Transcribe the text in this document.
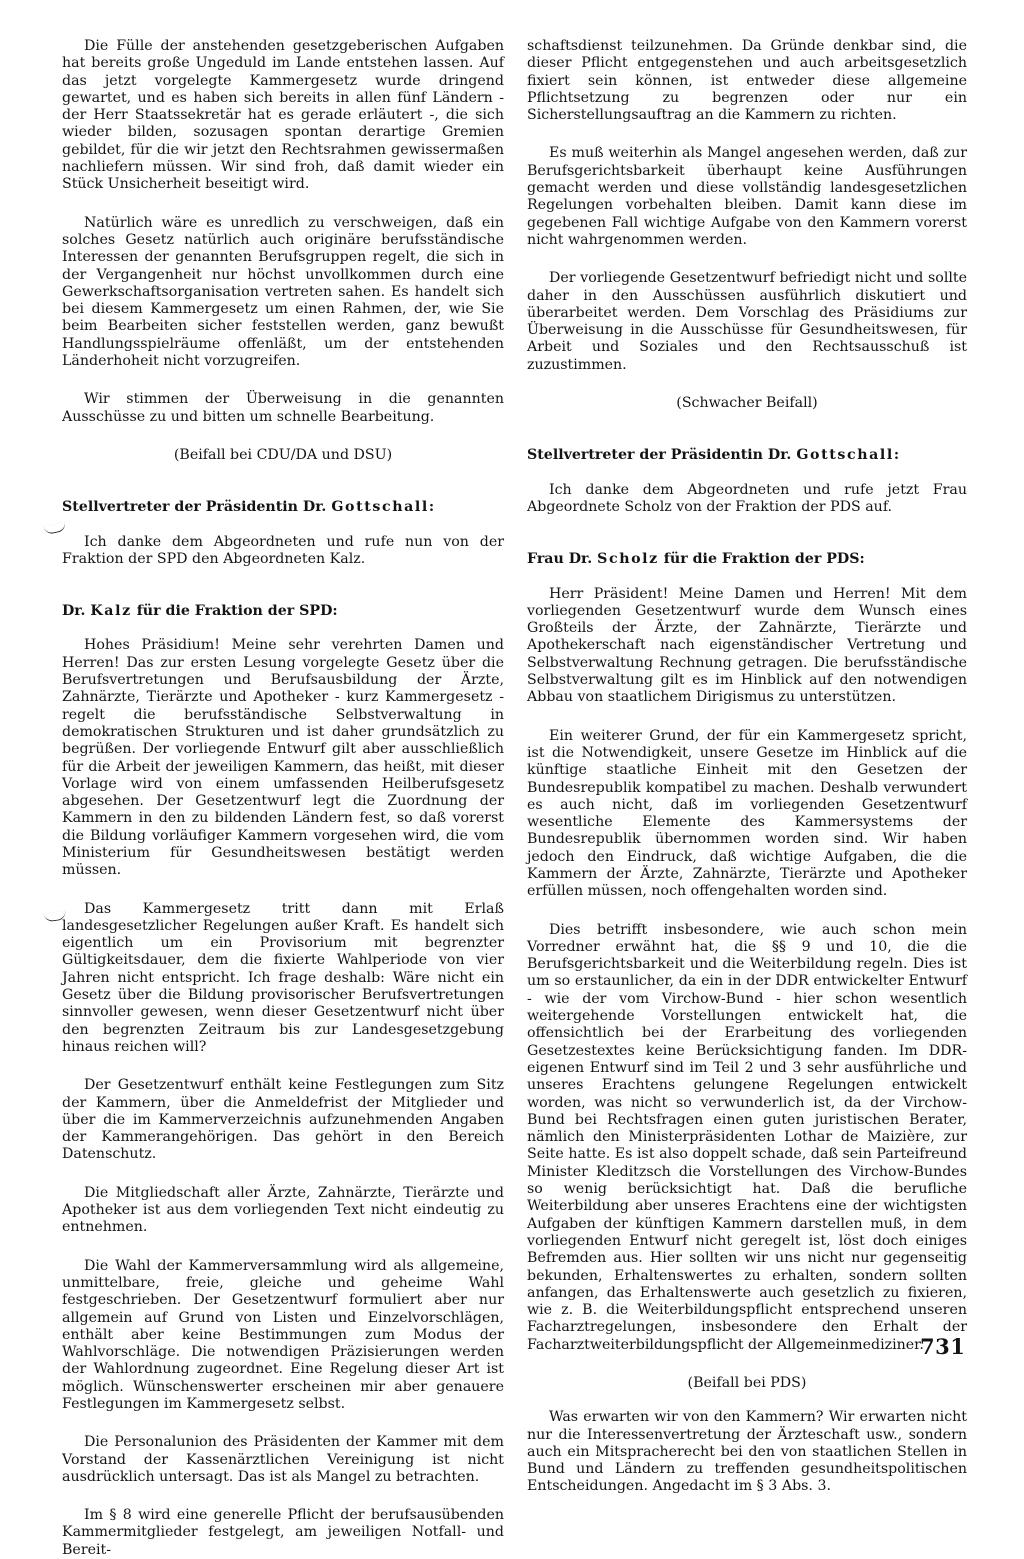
Die Fülle der anstehenden gesetzgeberischen Aufgaben hat bereits große Ungeduld im Lande entstehen lassen. Auf das jetzt vorgelegte Kammergesetz wurde dringend gewartet, und es haben sich bereits in allen fünf Ländern - der Herr Staatssekretär hat es gerade erläutert -, die sich wieder bilden, sozusagen spontan derartige Gremien gebildet, für die wir jetzt den Rechtsrahmen gewissermaßen nachliefern müssen. Wir sind froh, daß damit wieder ein Stück Unsicherheit beseitigt wird.

Natürlich wäre es unredlich zu verschweigen, daß ein solches Gesetz natürlich auch originäre berufsständische Interessen der genannten Berufsgruppen regelt, die sich in der Vergangenheit nur höchst unvollkommen durch eine Gewerkschaftsorganisation vertreten sahen. Es handelt sich bei diesem Kammergesetz um einen Rahmen, der, wie Sie beim Bearbeiten sicher feststellen werden, ganz bewußt Handlungsspielräume offenläßt, um der entstehenden Länderhoheit nicht vorzugreifen.

Wir stimmen der Überweisung in die genannten Ausschüsse zu und bitten um schnelle Bearbeitung.

(Beifall bei CDU/DA und DSU)

Stellvertreter der Präsidentin Dr. Gottschall:

Ich danke dem Abgeordneten und rufe nun von der Fraktion der SPD den Abgeordneten Kalz.

Dr. Kalz für die Fraktion der SPD:

Hohes Präsidium! Meine sehr verehrten Damen und Herren! Das zur ersten Lesung vorgelegte Gesetz über die Berufsvertretungen und Berufsausbildung der Ärzte, Zahnärzte, Tierärzte und Apotheker - kurz Kammergesetz - regelt die berufsständische Selbstverwaltung in demokratischen Strukturen und ist daher grundsätzlich zu begrüßen. Der vorliegende Entwurf gilt aber ausschließlich für die Arbeit der jeweiligen Kammern, das heißt, mit dieser Vorlage wird von einem umfassenden Heilberufsgesetz abgesehen. Der Gesetzentwurf legt die Zuordnung der Kammern in den zu bildenden Ländern fest, so daß vorerst die Bildung vorläufiger Kammern vorgesehen wird, die vom Ministerium für Gesundheitswesen bestätigt werden müssen.

Das Kammergesetz tritt dann mit Erlaß landesgesetzlicher Regelungen außer Kraft. Es handelt sich eigentlich um ein Provisorium mit begrenzter Gültigkeitsdauer, dem die fixierte Wahlperiode von vier Jahren nicht entspricht. Ich frage deshalb: Wäre nicht ein Gesetz über die Bildung provisorischer Berufsvertretungen sinnvoller gewesen, wenn dieser Gesetzentwurf nicht über den begrenzten Zeitraum bis zur Landesgesetzgebung hinaus reichen will?

Der Gesetzentwurf enthält keine Festlegungen zum Sitz der Kammern, über die Anmeldefrist der Mitglieder und über die im Kammerverzeichnis aufzunehmenden Angaben der Kammerangehörigen. Das gehört in den Bereich Datenschutz.

Die Mitgliedschaft aller Ärzte, Zahnärzte, Tierärzte und Apotheker ist aus dem vorliegenden Text nicht eindeutig zu entnehmen.

Die Wahl der Kammerversammlung wird als allgemeine, unmittelbare, freie, gleiche und geheime Wahl festgeschrieben. Der Gesetzentwurf formuliert aber nur allgemein auf Grund von Listen und Einzelvorschlägen, enthält aber keine Bestimmungen zum Modus der Wahlvorschläge. Die notwendigen Präzisierungen werden der Wahlordnung zugeordnet. Eine Regelung dieser Art ist möglich. Wünschenswerter erscheinen mir aber genauere Festlegungen im Kammergesetz selbst.

Die Personalunion des Präsidenten der Kammer mit dem Vorstand der Kassenärztlichen Vereinigung ist nicht ausdrücklich untersagt. Das ist als Mangel zu betrachten.

Im § 8 wird eine generelle Pflicht der berufsausübenden Kammermitglieder festgelegt, am jeweiligen Notfall- und Bereit-

schaftsdienst teilzunehmen. Da Gründe denkbar sind, die dieser Pflicht entgegenstehen und auch arbeitsgesetzlich fixiert sein können, ist entweder diese allgemeine Pflichtsetzung zu begrenzen oder nur ein Sicherstellungsauftrag an die Kammern zu richten.

Es muß weiterhin als Mangel angesehen werden, daß zur Berufsgerichtsbarkeit überhaupt keine Ausführungen gemacht werden und diese vollständig landesgesetzlichen Regelungen vorbehalten bleiben. Damit kann diese im gegebenen Fall wichtige Aufgabe von den Kammern vorerst nicht wahrgenommen werden.

Der vorliegende Gesetzentwurf befriedigt nicht und sollte daher in den Ausschüssen ausführlich diskutiert und überarbeitet werden. Dem Vorschlag des Präsidiums zur Überweisung in die Ausschüsse für Gesundheitswesen, für Arbeit und Soziales und den Rechtsausschuß ist zuzustimmen.

(Schwacher Beifall)

Stellvertreter der Präsidentin Dr. Gottschall:

Ich danke dem Abgeordneten und rufe jetzt Frau Abgeordnete Scholz von der Fraktion der PDS auf.

Frau Dr. Scholz für die Fraktion der PDS:

Herr Präsident! Meine Damen und Herren! Mit dem vorliegenden Gesetzentwurf wurde dem Wunsch eines Großteils der Ärzte, der Zahnärzte, Tierärzte und Apothekerschaft nach eigenständischer Vertretung und Selbstverwaltung Rechnung getragen. Die berufsständische Selbstverwaltung gilt es im Hinblick auf den notwendigen Abbau von staatlichem Dirigismus zu unterstützen.

Ein weiterer Grund, der für ein Kammergesetz spricht, ist die Notwendigkeit, unsere Gesetze im Hinblick auf die künftige staatliche Einheit mit den Gesetzen der Bundesrepublik kompatibel zu machen. Deshalb verwundert es auch nicht, daß im vorliegenden Gesetzentwurf wesentliche Elemente des Kammersystems der Bundesrepublik übernommen worden sind. Wir haben jedoch den Eindruck, daß wichtige Aufgaben, die die Kammern der Ärzte, Zahnärzte, Tierärzte und Apotheker erfüllen müssen, noch offengehalten worden sind.

Dies betrifft insbesondere, wie auch schon mein Vorredner erwähnt hat, die §§ 9 und 10, die die Berufsgerichtsbarkeit und die Weiterbildung regeln. Dies ist um so erstaunlicher, da ein in der DDR entwickelter Entwurf - wie der vom Virchow-Bund - hier schon wesentlich weitergehende Vorstellungen entwickelt hat, die offensichtlich bei der Erarbeitung des vorliegenden Gesetzestextes keine Berücksichtigung fanden. Im DDR-eigenen Entwurf sind im Teil 2 und 3 sehr ausführliche und unseres Erachtens gelungene Regelungen entwickelt worden, was nicht so verwunderlich ist, da der Virchow-Bund bei Rechtsfragen einen guten juristischen Berater, nämlich den Ministerpräsidenten Lothar de Maizière, zur Seite hatte. Es ist also doppelt schade, daß sein Parteifreund Minister Kleditzsch die Vorstellungen des Virchow-Bundes so wenig berücksichtigt hat. Daß die berufliche Weiterbildung aber unseres Erachtens eine der wichtigsten Aufgaben der künftigen Kammern darstellen muß, in dem vorliegenden Entwurf nicht geregelt ist, löst doch einiges Befremden aus. Hier sollten wir uns nicht nur gegenseitig bekunden, Erhaltenswertes zu erhalten, sondern sollten anfangen, das Erhaltenswerte auch gesetzlich zu fixieren, wie z. B. die Weiterbildungspflicht entsprechend unseren Facharztregelungen, insbesondere den Erhalt der Facharztweiterbildungspflicht der Allgemeinmediziner.

(Beifall bei PDS)

Was erwarten wir von den Kammern? Wir erwarten nicht nur die Interessenvertretung der Ärzteschaft usw., sondern auch ein Mitspracherecht bei den von staatlichen Stellen in Bund und Ländern zu treffenden gesundheitspolitischen Entscheidungen. Angedacht im § 3 Abs. 3.

731
